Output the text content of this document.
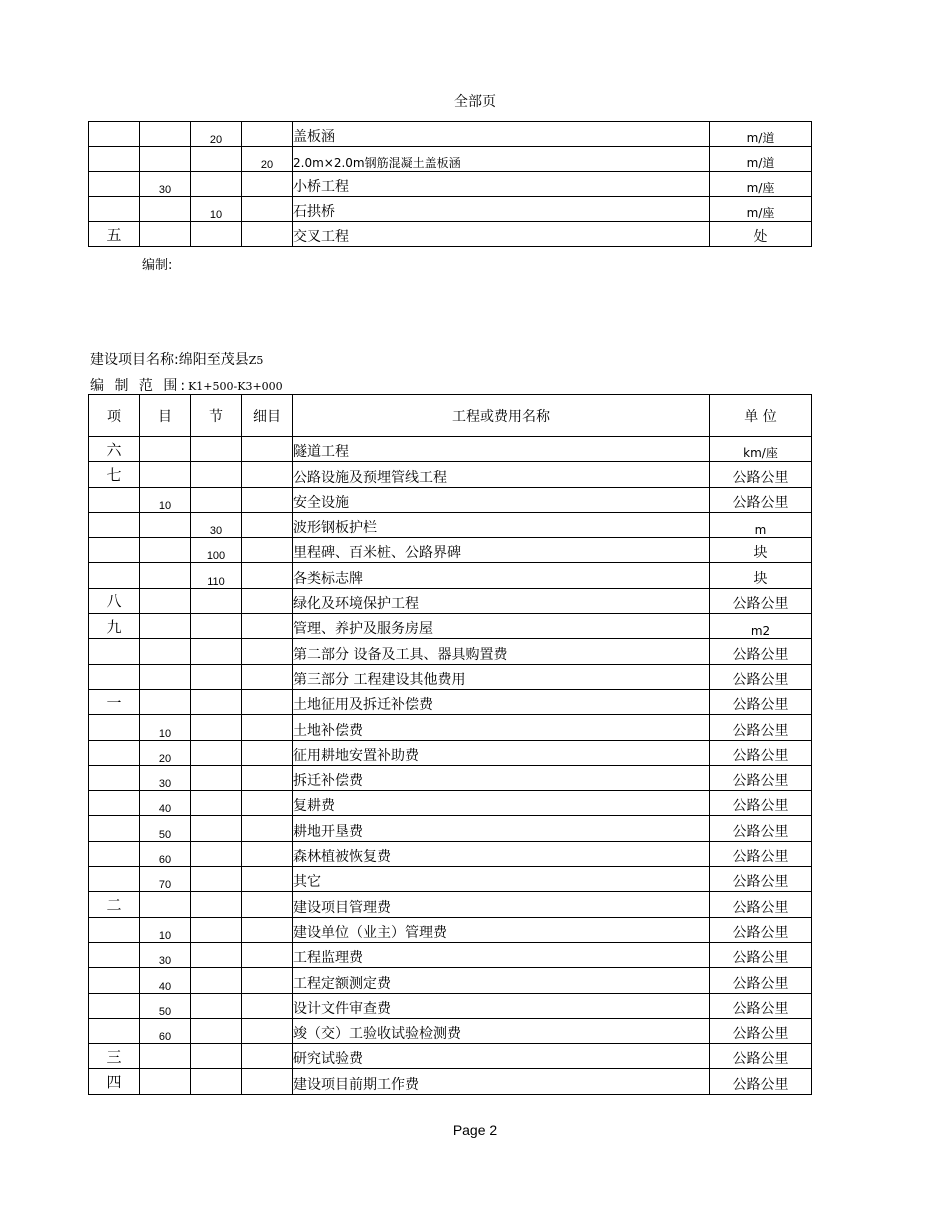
全部页
		20		盖板涵	m/道
			20	2.0m×2.0m钢筋混凝土盖板涵	m/道
	30			小桥工程	m/座
		10		石拱桥	m/座
五				交叉工程	处
编制:
建设项目名称:绵阳至茂县Z5
编 制 范 围:K1+500-K3+000
项	目	节	细目	工程或费用名称	单 位
六				隧道工程	km/座
七				公路设施及预埋管线工程	公路公里
	10			安全设施	公路公里
		30		波形钢板护栏	m
		100		里程碑、百米桩、公路界碑	块
		110		各类标志牌	块
八				绿化及环境保护工程	公路公里
九				管理、养护及服务房屋	m2
				第二部分 设备及工具、器具购置费	公路公里
				第三部分 工程建设其他费用	公路公里
一				土地征用及拆迁补偿费	公路公里
	10			土地补偿费	公路公里
	20			征用耕地安置补助费	公路公里
	30			拆迁补偿费	公路公里
	40			复耕费	公路公里
	50			耕地开垦费	公路公里
	60			森林植被恢复费	公路公里
	70			其它	公路公里
二				建设项目管理费	公路公里
	10			建设单位（业主）管理费	公路公里
	30			工程监理费	公路公里
	40			工程定额测定费	公路公里
	50			设计文件审查费	公路公里
	60			竣（交）工验收试验检测费	公路公里
三				研究试验费	公路公里
四				建设项目前期工作费	公路公里
Page 2
